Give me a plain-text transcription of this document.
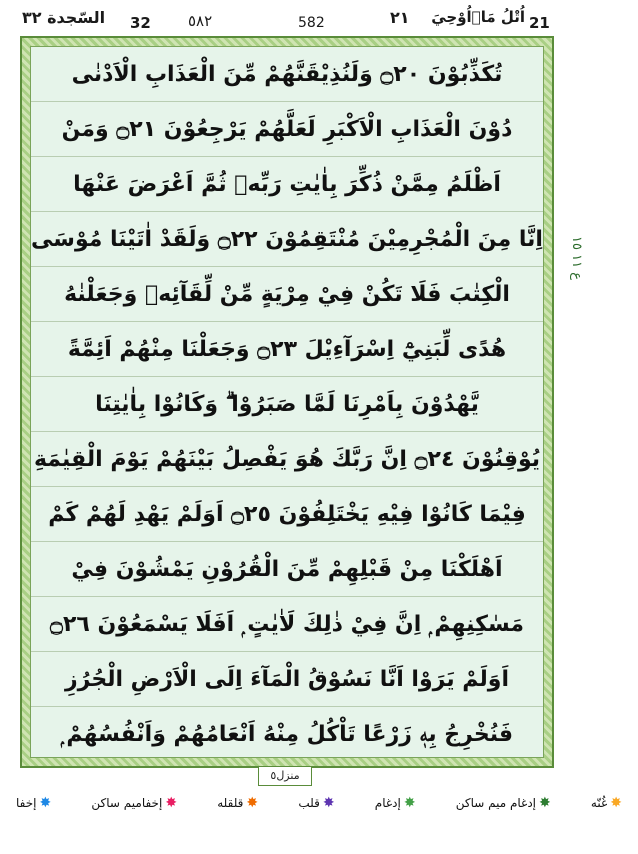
السّجدة ٣٢	32 ٥٨٢	582	٢١ اُتْلُ مَاۤاُوْحِيَ 21
تُكَذِّبُوْنَ ۝٢٠ وَلَنُذِيْقَنَّهُمْ مِّنَ الْعَذَابِ الْاَدْنٰى
دُوْنَ الْعَذَابِ الْاَكْبَرِ لَعَلَّهُمْ يَرْجِعُوْنَ ۝٢١ وَمَنْ
اَظْلَمُ مِمَّنْ ذُكِّرَ بِاٰيٰتِ رَبِّهٖ ثُمَّ اَعْرَضَ عَنْهَا
اِنَّا مِنَ الْمُجْرِمِيْنَ مُنْتَقِمُوْنَ ۝٢٢ وَلَقَدْ اٰتَيْنَا مُوْسَى
الْكِتٰبَ فَلَا تَكُنْ فِيْ مِرْيَةٍ مِّنْ لِّقَآئِهٖ وَجَعَلْنٰهُ
هُدًى لِّبَنِيْٓ اِسْرَآءِيْلَ ۝٢٣ وَجَعَلْنَا مِنْهُمْ اَئِمَّةً
يَّهْدُوْنَ بِاَمْرِنَا لَمَّا صَبَرُوْا ۗ وَكَانُوْا بِاٰيٰتِنَا
يُوْقِنُوْنَ ۝٢٤ اِنَّ رَبَّكَ هُوَ يَفْصِلُ بَيْنَهُمْ يَوْمَ الْقِيٰمَةِ
فِيْمَا كَانُوْا فِيْهِ يَخْتَلِفُوْنَ ۝٢٥ اَوَلَمْ يَهْدِ لَهُمْ كَمْ
اَهْلَكْنَا مِنْ قَبْلِهِمْ مِّنَ الْقُرُوْنِ يَمْشُوْنَ فِيْ
مَسٰكِنِهِمْ ۭ اِنَّ فِيْ ذٰلِكَ لَاٰيٰتٍ ۭ اَفَلَا يَسْمَعُوْنَ ۝٢٦
اَوَلَمْ يَرَوْا اَنَّا نَسُوْقُ الْمَآءَ اِلَى الْاَرْضِ الْجُرُزِ
فَنُخْرِجُ بِهٖ زَرْعًا تَاْكُلُ مِنْهُ اَنْعَامُهُمْ وَاَنْفُسُهُمْ ۭ
ع ١١ ١٥
منزل٥
✸
إخفا	✸
إخفاميم ساكن	✸
قلقله	✸
قلب	✸
إدغام	✸
إدغام ميم ساكن	✸
غُنّه
